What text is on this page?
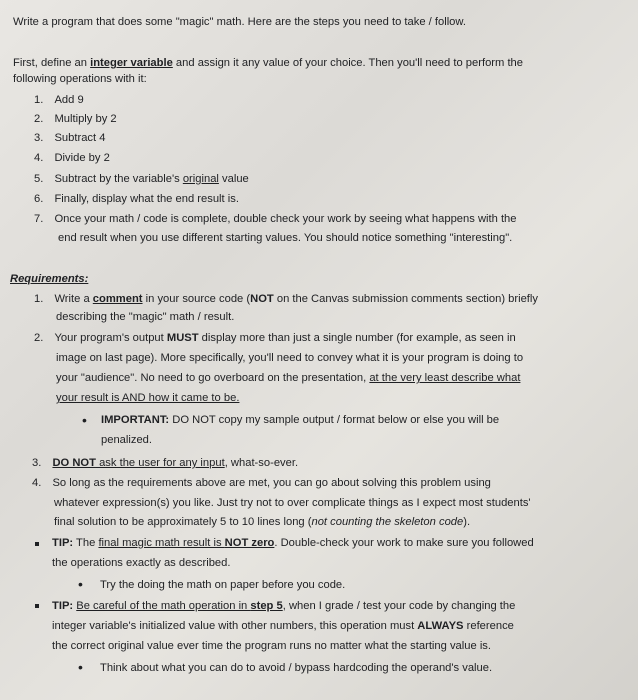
Write a program that does some "magic" math. Here are the steps you need to take / follow.
First, define an integer variable and assign it any value of your choice. Then you'll need to perform the
following operations with it:
1. Add 9
2. Multiply by 2
3. Subtract 4
4. Divide by 2
5. Subtract by the variable's original value
6. Finally, display what the end result is.
7. Once your math / code is complete, double check your work by seeing what happens with the
end result when you use different starting values. You should notice something "interesting".
Requirements:
1. Write a comment in your source code (NOT on the Canvas submission comments section) briefly
describing the "magic" math / result.
2. Your program's output MUST display more than just a single number (for example, as seen in
image on last page). More specifically, you'll need to convey what it is your program is doing to
your "audience". No need to go overboard on the presentation, at the very least describe what
your result is AND how it came to be.
• IMPORTANT: DO NOT copy my sample output / format below or else you will be
penalized.
3. DO NOT ask the user for any input, what-so-ever.
4. So long as the requirements above are met, you can go about solving this problem using
whatever expression(s) you like. Just try not to over complicate things as I expect most students'
final solution to be approximately 5 to 10 lines long (not counting the skeleton code).
TIP: The final magic math result is NOT zero. Double-check your work to make sure you followed
the operations exactly as described.
• Try the doing the math on paper before you code.
TIP: Be careful of the math operation in step 5, when I grade / test your code by changing the
integer variable's initialized value with other numbers, this operation must ALWAYS reference
the correct original value ever time the program runs no matter what the starting value is.
• Think about what you can do to avoid / bypass hardcoding the operand's value.
